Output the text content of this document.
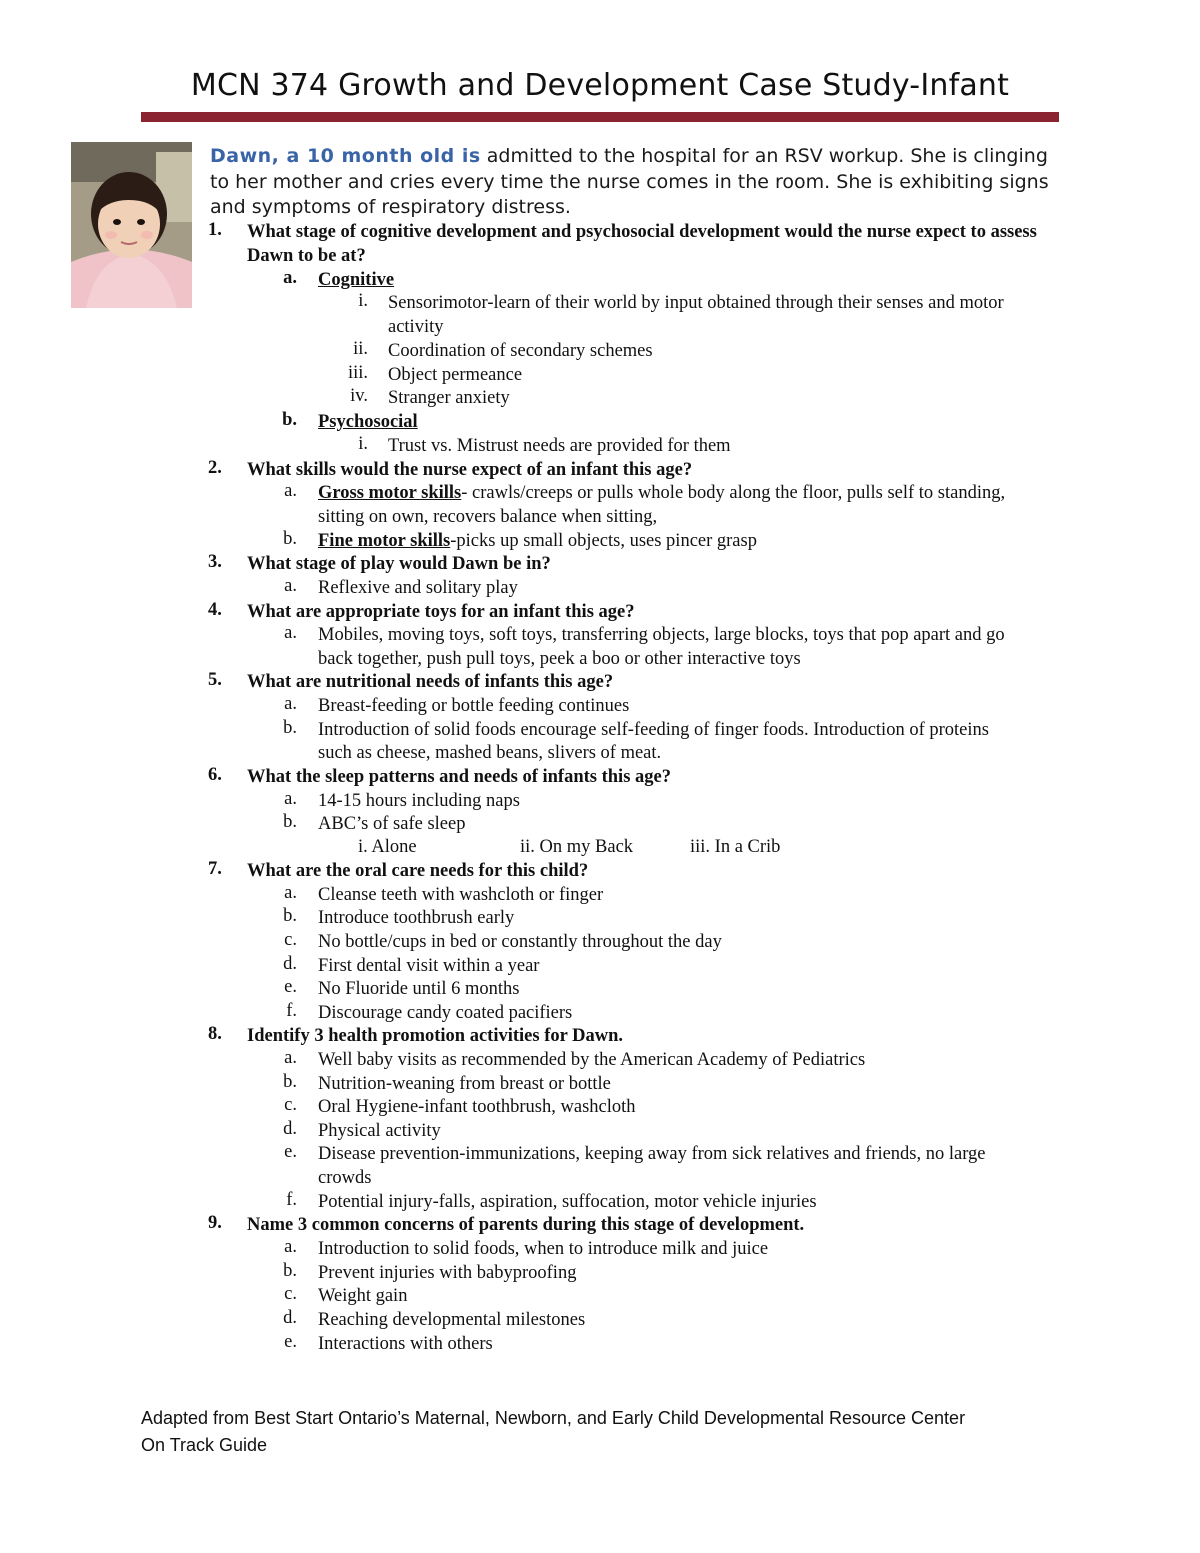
MCN 374 Growth and Development Case Study-Infant
Dawn, a 10 month old is admitted to the hospital for an RSV workup. She is clinging to her mother and cries every time the nurse comes in the room. She is exhibiting signs and symptoms of respiratory distress.
1. What stage of cognitive development and psychosocial development would the nurse expect to assess Dawn to be at?
a. Cognitive
i. Sensorimotor-learn of their world by input obtained through their senses and motor
activity
ii. Coordination of secondary schemes
iii. Object permeance
iv. Stranger anxiety
b. Psychosocial
i. Trust vs. Mistrust needs are provided for them
2. What skills would the nurse expect of an infant this age?
a. Gross motor skills- crawls/creeps or pulls whole body along the floor, pulls self to standing,
sitting on own, recovers balance when sitting,
b. Fine motor skills-picks up small objects, uses pincer grasp
3. What stage of play would Dawn be in?
a. Reflexive and solitary play
4. What are appropriate toys for an infant this age?
a. Mobiles, moving toys, soft toys, transferring objects, large blocks, toys that pop apart and go
back together, push pull toys, peek a boo or other interactive toys
5. What are nutritional needs of infants this age?
a. Breast-feeding or bottle feeding continues
b. Introduction of solid foods encourage self-feeding of finger foods. Introduction of proteins
such as cheese, mashed beans, slivers of meat.
6. What the sleep patterns and needs of infants this age?
a. 14-15 hours including naps
b. ABC’s of safe sleep
i. Alone	ii. On my Back	iii. In a Crib
7. What are the oral care needs for this child?
a. Cleanse teeth with washcloth or finger
b. Introduce toothbrush early
c. No bottle/cups in bed or constantly throughout the day
d. First dental visit within a year
e. No Fluoride until 6 months
f. Discourage candy coated pacifiers
8. Identify 3 health promotion activities for Dawn.
a. Well baby visits as recommended by the American Academy of Pediatrics
b. Nutrition-weaning from breast or bottle
c. Oral Hygiene-infant toothbrush, washcloth
d. Physical activity
e. Disease prevention-immunizations, keeping away from sick relatives and friends, no large
crowds
f. Potential injury-falls, aspiration, suffocation, motor vehicle injuries
9. Name 3 common concerns of parents during this stage of development.
a. Introduction to solid foods, when to introduce milk and juice
b. Prevent injuries with babyproofing
c. Weight gain
d. Reaching developmental milestones
e. Interactions with others
Adapted from Best Start Ontario’s Maternal, Newborn, and Early Child Developmental Resource Center
On Track Guide
